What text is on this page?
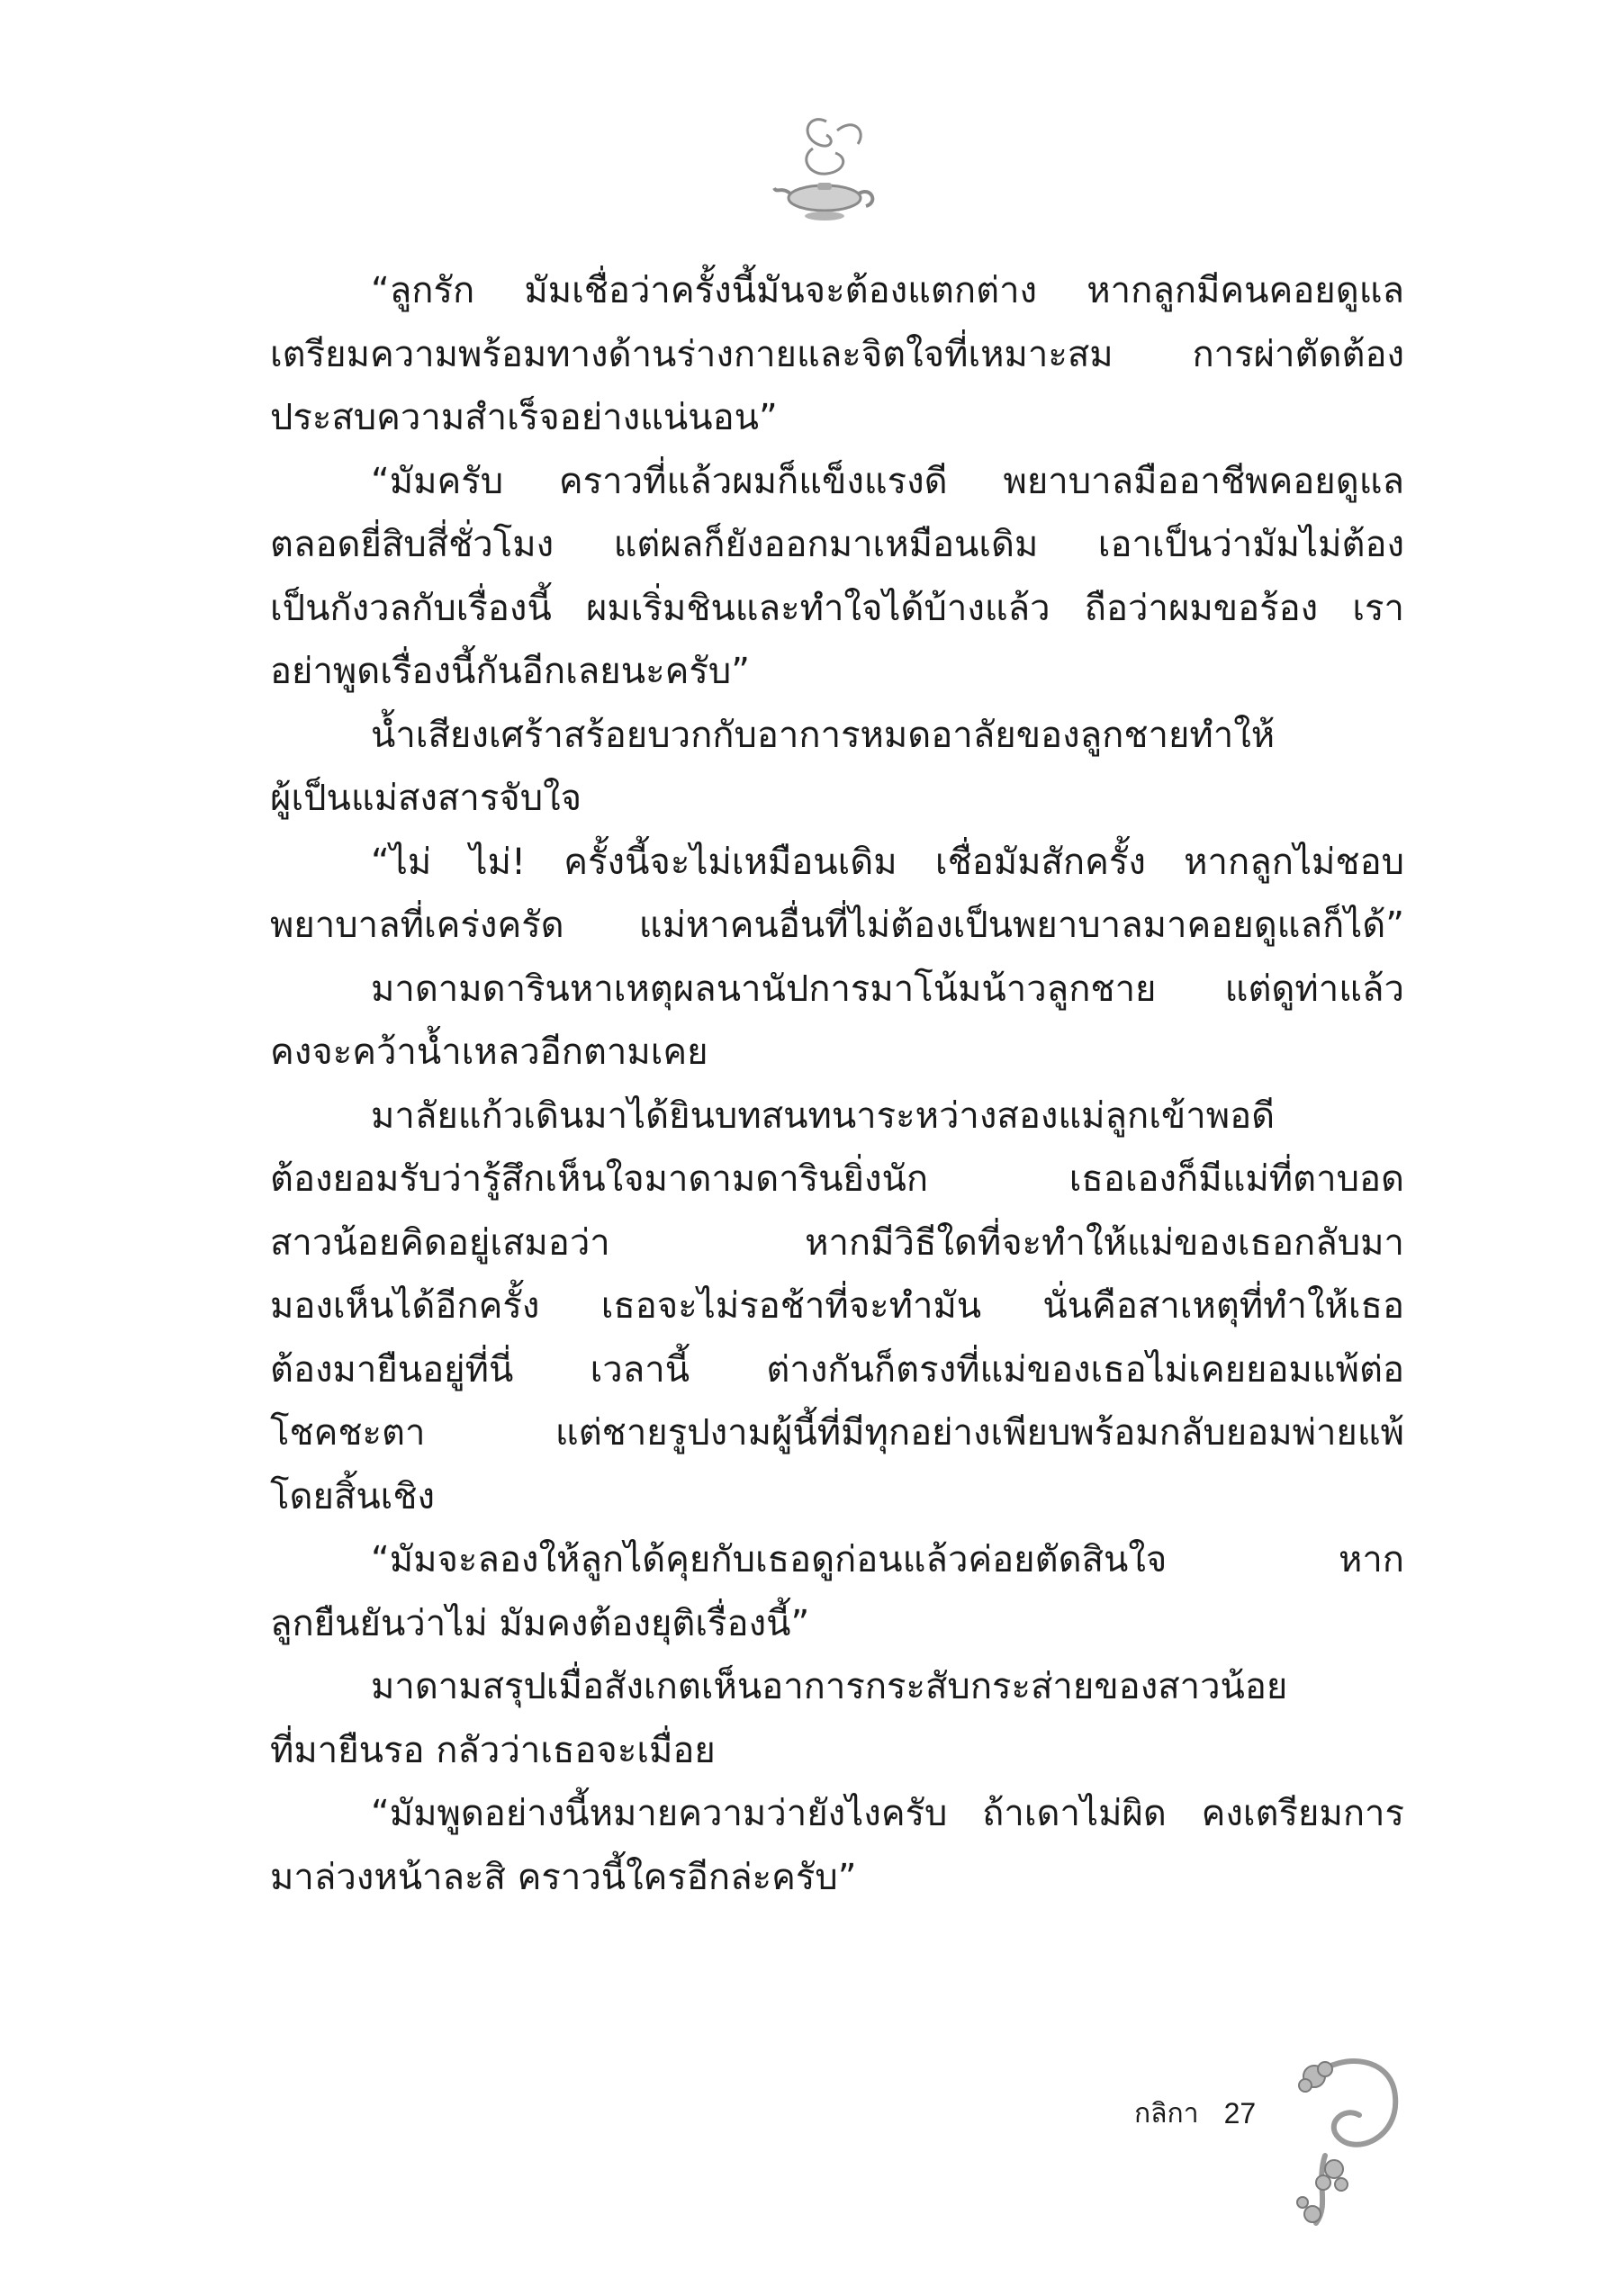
“ลูกรัก มัมเชื่อว่าครั้งนี้มันจะต้องแตกต่าง หากลูกมีคนคอยดูแล
เตรียมความพร้อมทางด้านร่างกายและจิตใจที่เหมาะสม การผ่าตัดต้อง
ประสบความสำเร็จอย่างแน่นอน”
“มัมครับ คราวที่แล้วผมก็แข็งแรงดี พยาบาลมืออาชีพคอยดูแล
ตลอดยี่สิบสี่ชั่วโมง แต่ผลก็ยังออกมาเหมือนเดิม เอาเป็นว่ามัมไม่ต้อง
เป็นกังวลกับเรื่องนี้ ผมเริ่มชินและทำใจได้บ้างแล้ว ถือว่าผมขอร้อง เรา
อย่าพูดเรื่องนี้กันอีกเลยนะครับ”
น้ำเสียงเศร้าสร้อยบวกกับอาการหมดอาลัยของลูกชายทำให้
ผู้เป็นแม่สงสารจับใจ
“ไม่ ไม่! ครั้งนี้จะไม่เหมือนเดิม เชื่อมัมสักครั้ง หากลูกไม่ชอบ
พยาบาลที่เคร่งครัด แม่หาคนอื่นที่ไม่ต้องเป็นพยาบาลมาคอยดูแลก็ได้”
มาดามดารินหาเหตุผลนานัปการมาโน้มน้าวลูกชาย แต่ดูท่าแล้ว
คงจะคว้าน้ำเหลวอีกตามเคย
มาลัยแก้วเดินมาได้ยินบทสนทนาระหว่างสองแม่ลูกเข้าพอดี
ต้องยอมรับว่ารู้สึกเห็นใจมาดามดารินยิ่งนัก เธอเองก็มีแม่ที่ตาบอด
สาวน้อยคิดอยู่เสมอว่า หากมีวิธีใดที่จะทำให้แม่ของเธอกลับมา
มองเห็นได้อีกครั้ง เธอจะไม่รอช้าที่จะทำมัน นั่นคือสาเหตุที่ทำให้เธอ
ต้องมายืนอยู่ที่นี่ เวลานี้ ต่างกันก็ตรงที่แม่ของเธอไม่เคยยอมแพ้ต่อ
โชคชะตา แต่ชายรูปงามผู้นี้ที่มีทุกอย่างเพียบพร้อมกลับยอมพ่ายแพ้
โดยสิ้นเชิง
“มัมจะลองให้ลูกได้คุยกับเธอดูก่อนแล้วค่อยตัดสินใจ หาก
ลูกยืนยันว่าไม่ มัมคงต้องยุติเรื่องนี้”
มาดามสรุปเมื่อสังเกตเห็นอาการกระสับกระส่ายของสาวน้อย
ที่มายืนรอ กลัวว่าเธอจะเมื่อย
“มัมพูดอย่างนี้หมายความว่ายังไงครับ ถ้าเดาไม่ผิด คงเตรียมการ
มาล่วงหน้าละสิ คราวนี้ใครอีกล่ะครับ”
กลิกา 27
